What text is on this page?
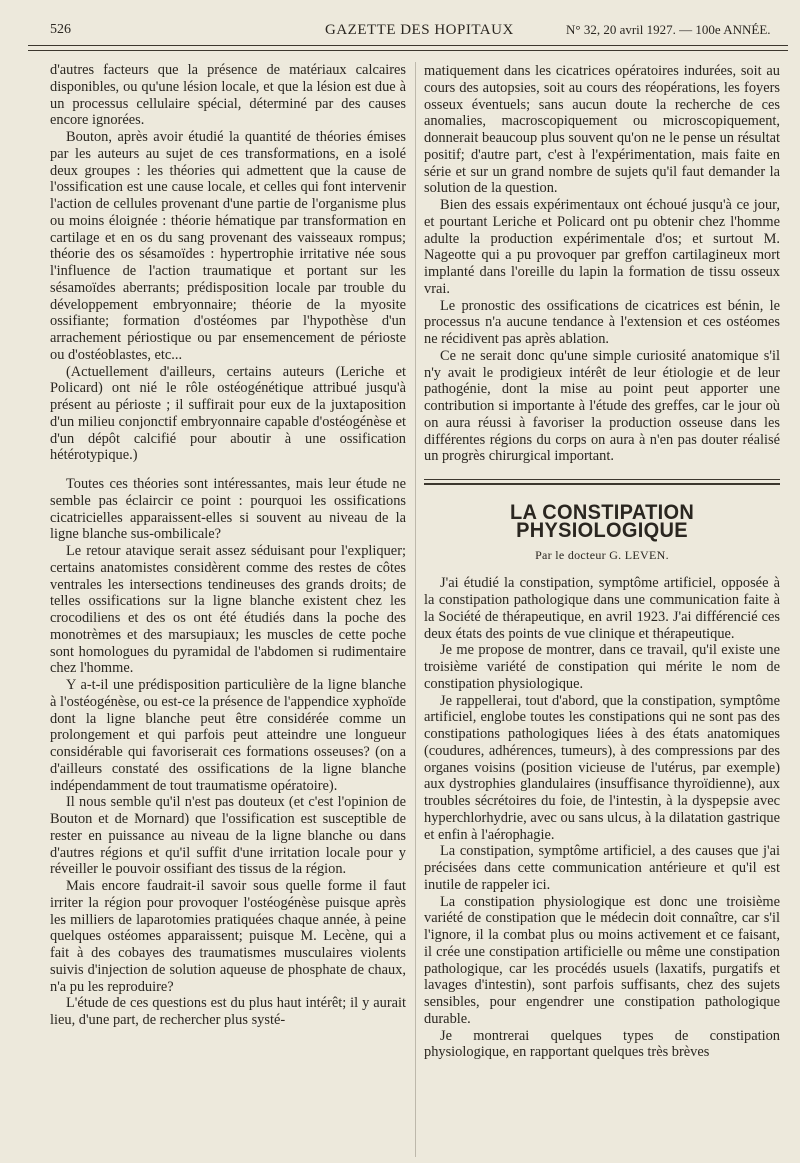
526	GAZETTE DES HOPITAUX	N° 32, 20 avril 1927. — 100e ANNÉE.

d'autres facteurs que la présence de matériaux calcaires disponibles, ou qu'une lésion locale, et que la lésion est due à un processus cellulaire spécial, déterminé par des causes encore ignorées.

Bouton, après avoir étudié la quantité de théories émises par les auteurs au sujet de ces transformations, en a isolé deux groupes : les théories qui admettent que la cause de l'ossification est une cause locale, et celles qui font intervenir l'action de cellules provenant d'une partie de l'organisme plus ou moins éloignée : théorie hématique par transformation en cartilage et en os du sang provenant des vaisseaux rompus; théorie des os sésamoïdes : hypertrophie irritative née sous l'influence de l'action traumatique et portant sur les sésamoïdes aberrants; prédisposition locale par trouble du développement embryonnaire; théorie de la myosite ossifiante; formation d'ostéomes par l'hypothèse d'un arrachement périostique ou par ensemencement de périoste ou d'ostéoblastes, etc...

(Actuellement d'ailleurs, certains auteurs (Leriche et Policard) ont nié le rôle ostéogénétique attribué jusqu'à présent au périoste ; il suffirait pour eux de la juxtaposition d'un milieu conjonctif embryonnaire capable d'ostéogénèse et d'un dépôt calcifié pour aboutir à une ossification hétérotypique.)

Toutes ces théories sont intéressantes, mais leur étude ne semble pas éclaircir ce point : pourquoi les ossifications cicatricielles apparaissent-elles si souvent au niveau de la ligne blanche sus-ombilicale?

Le retour atavique serait assez séduisant pour l'expliquer; certains anatomistes considèrent comme des restes de côtes ventrales les intersections tendineuses des grands droits; de telles ossifications sur la ligne blanche existent chez les crocodiliens et des os ont été étudiés dans la poche des monotrèmes et des marsupiaux; les muscles de cette poche sont homologues du pyramidal de l'abdomen si rudimentaire chez l'homme.

Y a-t-il une prédisposition particulière de la ligne blanche à l'ostéogénèse, ou est-ce la présence de l'appendice xyphoïde dont la ligne blanche peut être considérée comme un prolongement et qui parfois peut atteindre une longueur considérable qui favoriserait ces formations osseuses? (on a d'ailleurs constaté des ossifications de la ligne blanche indépendamment de tout traumatisme opératoire).

Il nous semble qu'il n'est pas douteux (et c'est l'opinion de Bouton et de Mornard) que l'ossification est susceptible de rester en puissance au niveau de la ligne blanche ou dans d'autres régions et qu'il suffit d'une irritation locale pour y réveiller le pouvoir ossifiant des tissus de la région.

Mais encore faudrait-il savoir sous quelle forme il faut irriter la région pour provoquer l'ostéogénèse puisque après les milliers de laparotomies pratiquées chaque année, à peine quelques ostéomes apparaissent; puisque M. Lecène, qui a fait à des cobayes des traumatismes musculaires violents suivis d'injection de solution aqueuse de phosphate de chaux, n'a pu les reproduire?

L'étude de ces questions est du plus haut intérêt; il y aurait lieu, d'une part, de rechercher plus systé-

matiquement dans les cicatrices opératoires indurées, soit au cours des autopsies, soit au cours des réopérations, les foyers osseux éventuels; sans aucun doute la recherche de ces anomalies, macroscopiquement ou microscopiquement, donnerait beaucoup plus souvent qu'on ne le pense un résultat positif; d'autre part, c'est à l'expérimentation, mais faite en série et sur un grand nombre de sujets qu'il faut demander la solution de la question.

Bien des essais expérimentaux ont échoué jusqu'à ce jour, et pourtant Leriche et Policard ont pu obtenir chez l'homme adulte la production expérimentale d'os; et surtout M. Nageotte qui a pu provoquer par greffon cartilagineux mort implanté dans l'oreille du lapin la formation de tissu osseux vrai.

Le pronostic des ossifications de cicatrices est bénin, le processus n'a aucune tendance à l'extension et ces ostéomes ne récidivent pas après ablation.

Ce ne serait donc qu'une simple curiosité anatomique s'il n'y avait le prodigieux intérêt de leur étiologie et de leur pathogénie, dont la mise au point peut apporter une contribution si importante à l'étude des greffes, car le jour où on aura réussi à favoriser la production osseuse dans les différentes régions du corps on aura à n'en pas douter réalisé un progrès chirurgical important.

LA CONSTIPATION PHYSIOLOGIQUE
Par le docteur G. LEVEN.

J'ai étudié la constipation, symptôme artificiel, opposée à la constipation pathologique dans une communication faite à la Société de thérapeutique, en avril 1923. J'ai différencié ces deux états des points de vue clinique et thérapeutique.

Je me propose de montrer, dans ce travail, qu'il existe une troisième variété de constipation qui mérite le nom de constipation physiologique.

Je rappellerai, tout d'abord, que la constipation, symptôme artificiel, englobe toutes les constipations qui ne sont pas des constipations pathologiques liées à des états anatomiques (coudures, adhérences, tumeurs), à des compressions par des organes voisins (position vicieuse de l'utérus, par exemple) aux dystrophies glandulaires (insuffisance thyroïdienne), aux troubles sécrétoires du foie, de l'intestin, à la dyspepsie avec hyperchlorhydrie, avec ou sans ulcus, à la dilatation gastrique et enfin à l'aérophagie.

La constipation, symptôme artificiel, a des causes que j'ai précisées dans cette communication antérieure et qu'il est inutile de rappeler ici.

La constipation physiologique est donc une troisième variété de constipation que le médecin doit connaître, car s'il l'ignore, il la combat plus ou moins activement et ce faisant, il crée une constipation artificielle ou même une constipation pathologique, car les procédés usuels (laxatifs, purgatifs et lavages d'intestin), sont parfois suffisants, chez des sujets sensibles, pour engendrer une constipation pathologique durable.

Je montrerai quelques types de constipation physiologique, en rapportant quelques très brèves
